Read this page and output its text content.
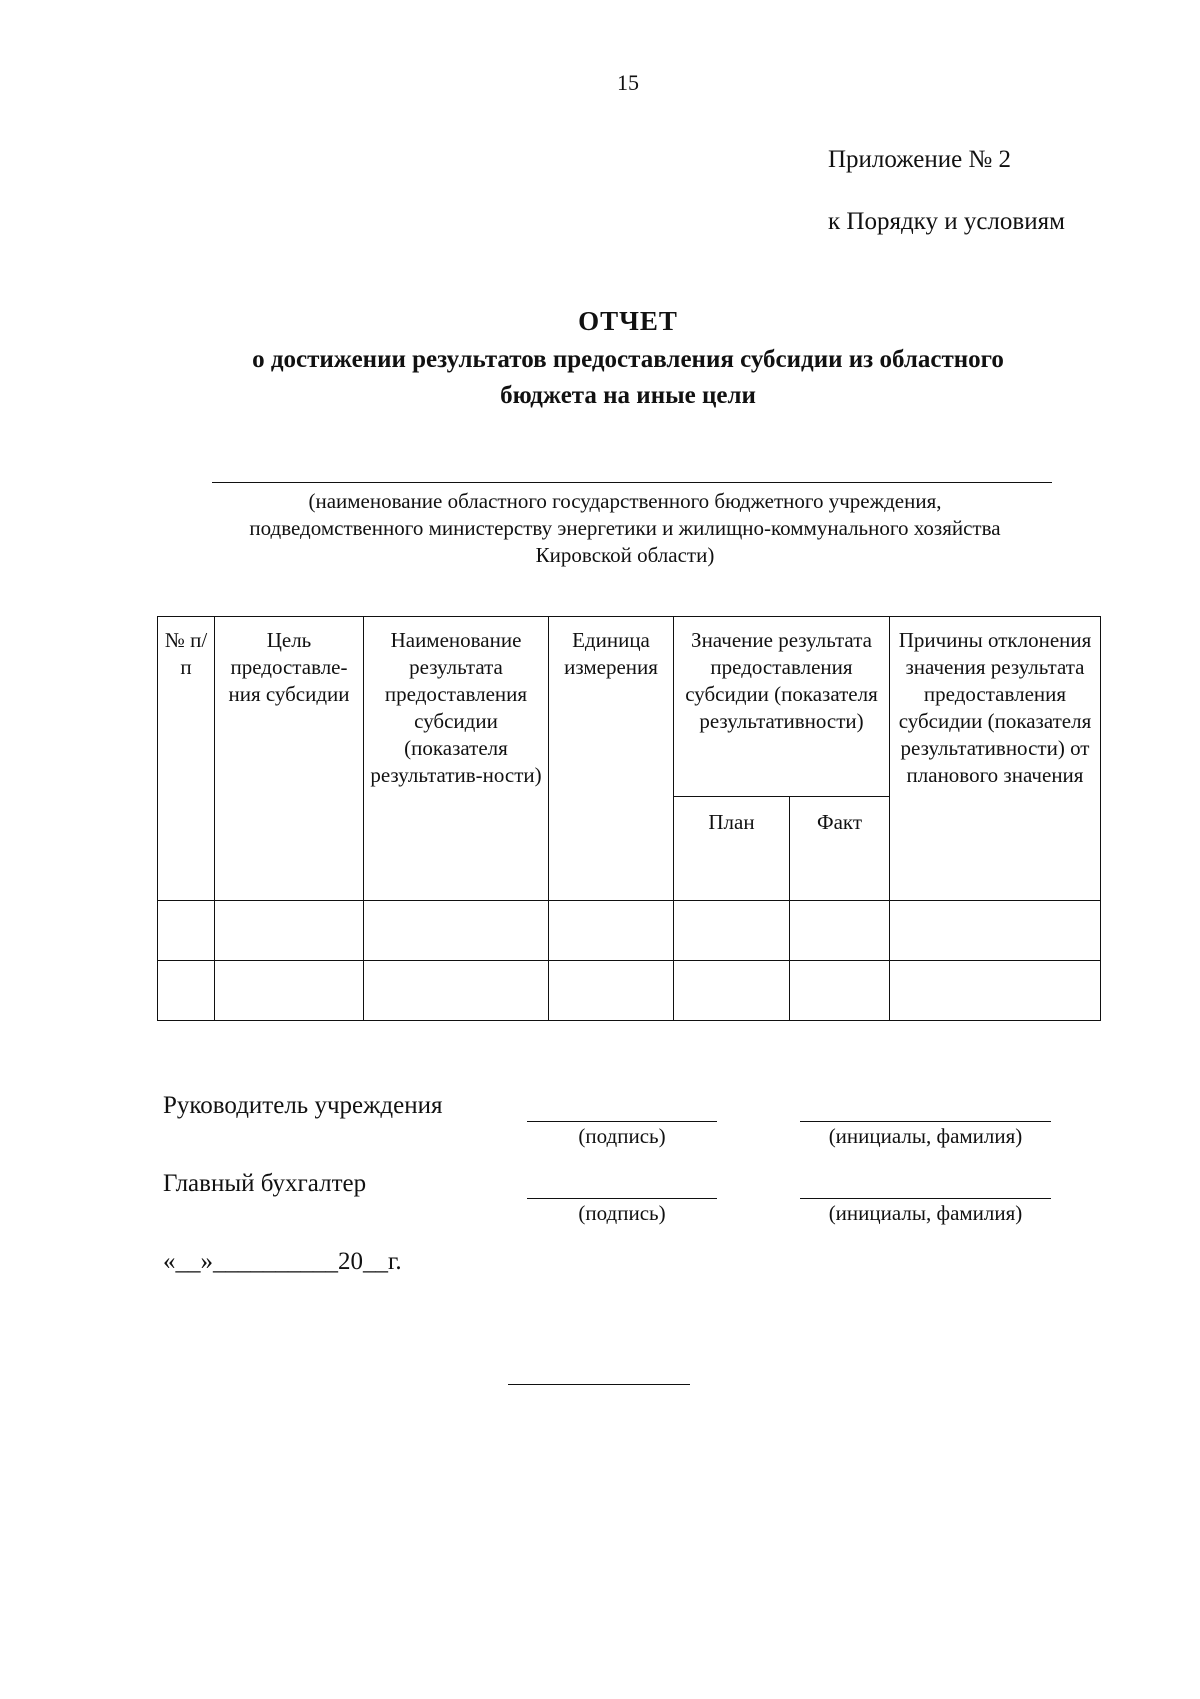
15
Приложение № 2
к Порядку и условиям
ОТЧЕТ
о достижении результатов предоставления субсидии из областного
бюджета на иные цели
(наименование областного государственного бюджетного учреждения,
подведомственного министерству энергетики и жилищно-коммунального хозяйства
Кировской области)
№ п/п	Цель предоставле-ния субсидии	Наименование результата предоставления субсидии (показателя результатив-ности)	Единица измерения	Значение результата предоставления субсидии (показателя результативности)		Причины отклонения значения результата предоставления субсидии (показателя результативности) от планового значения
				План	Факт	

Руководитель учреждения
(подпись)	(инициалы, фамилия)
Главный бухгалтер
(подпись)	(инициалы, фамилия)
«__»__________20__г.
